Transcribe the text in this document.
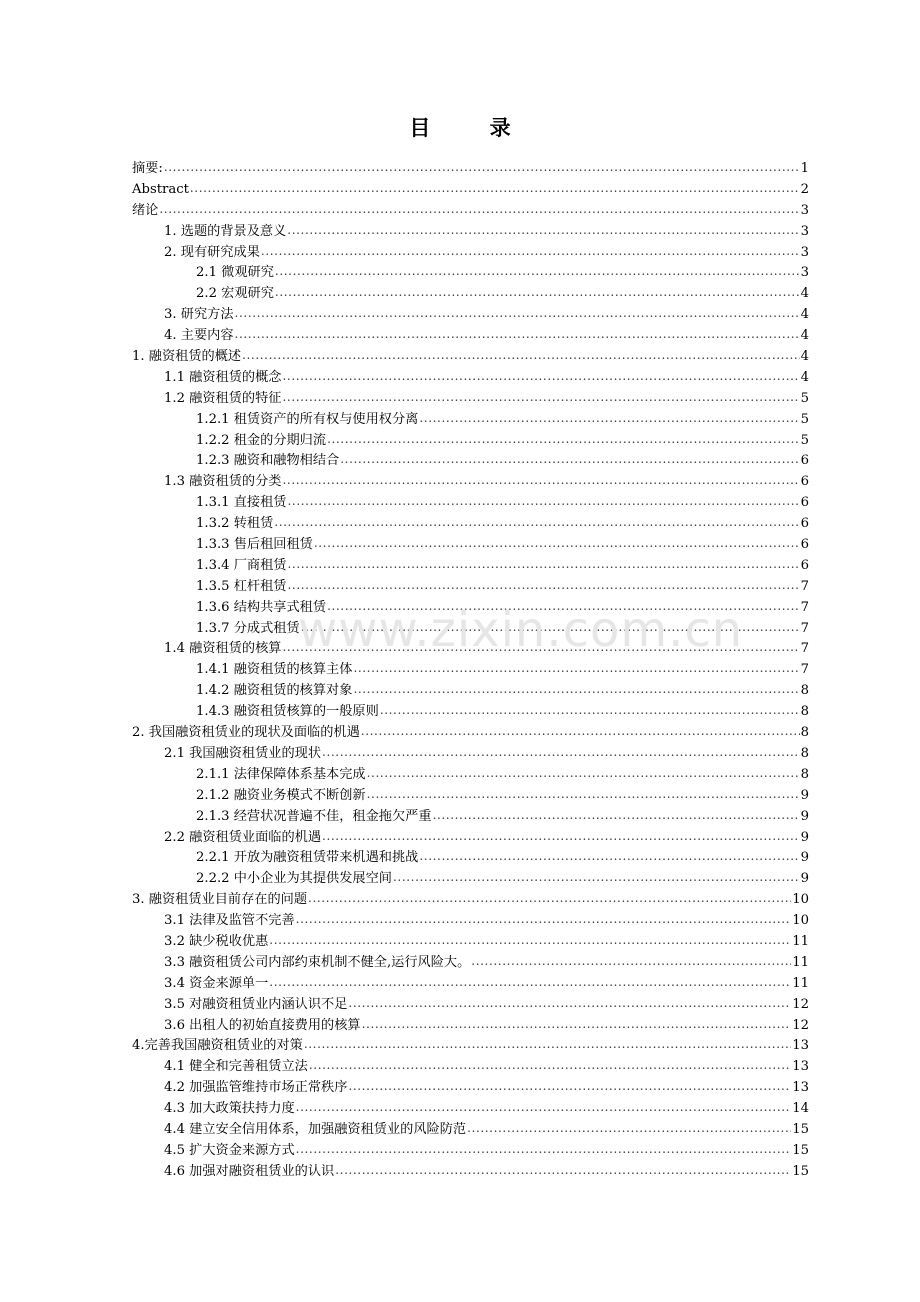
目 录
摘要: .....	1
Abstract .....	2
绪论 .....	3
1. 选题的背景及意义 .....	3
2. 现有研究成果 .....	3
2.1 微观研究 .....	3
2.2 宏观研究 .....	4
3. 研究方法 .....	4
4. 主要内容 .....	4
1. 融资租赁的概述 .....	4
1.1 融资租赁的概念 .....	4
1.2 融资租赁的特征 .....	5
1.2.1 租赁资产的所有权与使用权分离 .....	5
1.2.2 租金的分期归流 .....	5
1.2.3 融资和融物相结合 .....	6
1.3 融资租赁的分类 .....	6
1.3.1 直接租赁 .....	6
1.3.2 转租赁 .....	6
1.3.3 售后租回租赁 .....	6
1.3.4 厂商租赁 .....	6
1.3.5 杠杆租赁 .....	7
1.3.6 结构共享式租赁 .....	7
1.3.7 分成式租赁 .....	7
1.4 融资租赁的核算 .....	7
1.4.1 融资租赁的核算主体 .....	7
1.4.2 融资租赁的核算对象 .....	8
1.4.3 融资租赁核算的一般原则 .....	8
2. 我国融资租赁业的现状及面临的机遇 .....	8
2.1 我国融资租赁业的现状 .....	8
2.1.1 法律保障体系基本完成 .....	8
2.1.2 融资业务模式不断创新 .....	9
2.1.3 经营状况普遍不佳，租金拖欠严重 .....	9
2.2 融资租赁业面临的机遇 .....	9
2.2.1 开放为融资租赁带来机遇和挑战 .....	9
2.2.2 中小企业为其提供发展空间 .....	9
3. 融资租赁业目前存在的问题 .....	10
3.1 法律及监管不完善 .....	10
3.2 缺少税收优惠 .....	11
3.3 融资租赁公司内部约束机制不健全,运行风险大。 .....	11
3.4 资金来源单一 .....	11
3.5 对融资租赁业内涵认识不足 .....	12
3.6 出租人的初始直接费用的核算 .....	12
4.完善我国融资租赁业的对策 .....	13
4.1 健全和完善租赁立法 .....	13
4.2 加强监管维持市场正常秩序 .....	13
4.3 加大政策扶持力度 .....	14
4.4 建立安全信用体系，加强融资租赁业的风险防范 .....	15
4.5 扩大资金来源方式 .....	15
4.6 加强对融资租赁业的认识 .....	15
www.zixin.com.cn
